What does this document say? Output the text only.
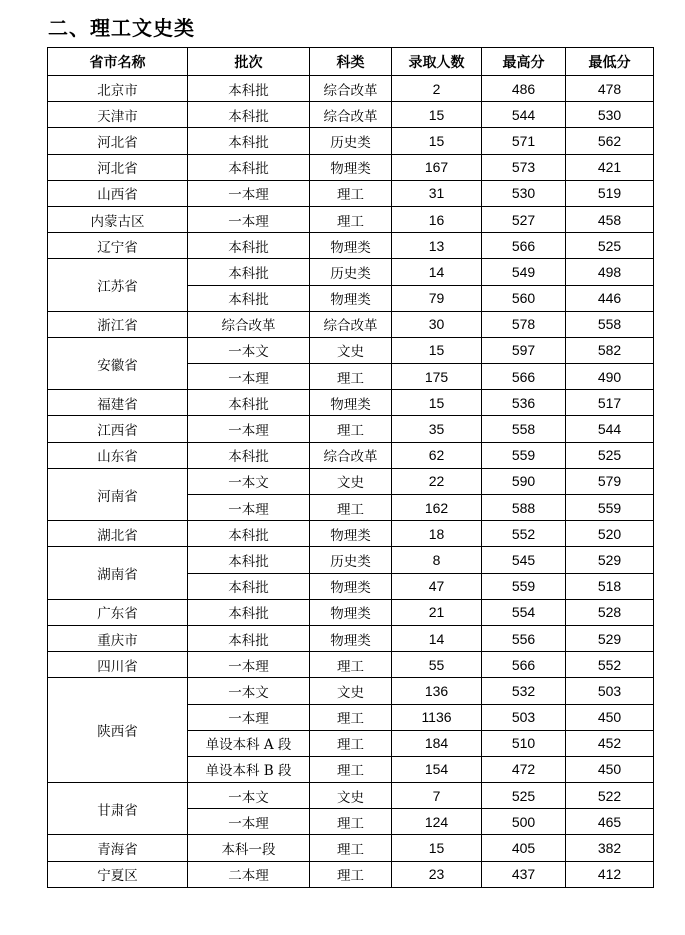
二、理工文史类
省市名称	批次	科类	录取人数	最高分	最低分
北京市	本科批	综合改革	2	486	478
天津市	本科批	综合改革	15	544	530
河北省	本科批	历史类	15	571	562
河北省	本科批	物理类	167	573	421
山西省	一本理	理工	31	530	519
内蒙古区	一本理	理工	16	527	458
辽宁省	本科批	物理类	13	566	525
江苏省	本科批	历史类	14	549	498
	本科批	物理类	79	560	446
浙江省	综合改革	综合改革	30	578	558
安徽省	一本文	文史	15	597	582
	一本理	理工	175	566	490
福建省	本科批	物理类	15	536	517
江西省	一本理	理工	35	558	544
山东省	本科批	综合改革	62	559	525
河南省	一本文	文史	22	590	579
	一本理	理工	162	588	559
湖北省	本科批	物理类	18	552	520
湖南省	本科批	历史类	8	545	529
	本科批	物理类	47	559	518
广东省	本科批	物理类	21	554	528
重庆市	本科批	物理类	14	556	529
四川省	一本理	理工	55	566	552
陕西省	一本文	文史	136	532	503
	一本理	理工	1136	503	450
	单设本科 A 段	理工	184	510	452
	单设本科 B 段	理工	154	472	450
甘肃省	一本文	文史	7	525	522
	一本理	理工	124	500	465
青海省	本科一段	理工	15	405	382
宁夏区	二本理	理工	23	437	412
